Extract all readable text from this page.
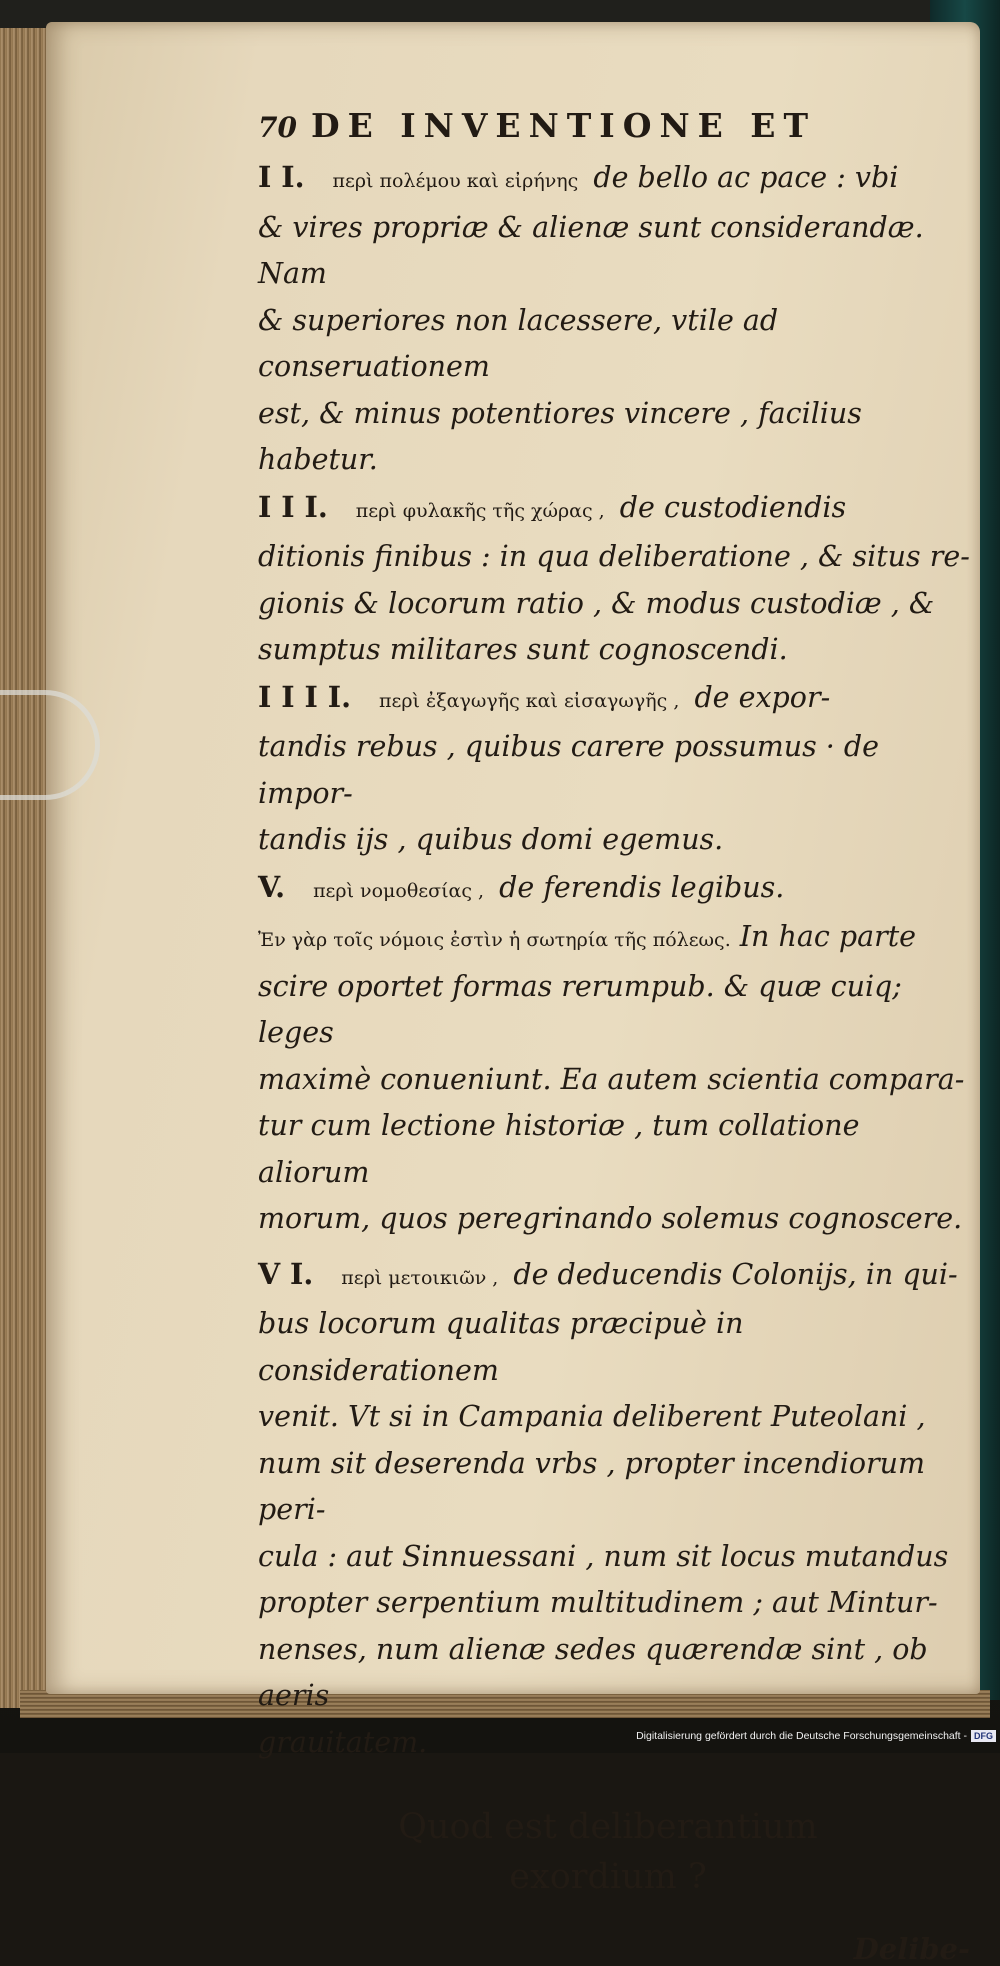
70 DE INVENTIONE ET
I I. περὶ πολέμου καὶ εἰρήνης de bello ac pace : vbi
& vires propriæ & alienæ sunt considerandæ. Nam
& superiores non lacessere, vtile ad conseruationem
est, & minus potentiores vincere , facilius habetur.
I I I. περὶ φυλακῆς τῆς χώρας , de custodiendis
ditionis finibus : in qua deliberatione , & situs re-
gionis & locorum ratio , & modus custodiæ , &
sumptus militares sunt cognoscendi.
I I I I. περὶ ἐξαγωγῆς καὶ εἰσαγωγῆς , de expor-
tandis rebus , quibus carere possumus · de impor-
tandis ijs , quibus domi egemus.
V. περὶ νομοθεσίας , de ferendis legibus.
Ἐν γὰρ τοῖς νόμοις ἐστὶν ἡ σωτηρία τῆς πόλεως. In hac parte
scire oportet formas rerumpub. & quæ cuiq; leges
maximè conueniunt. Ea autem scientia compara-
tur cum lectione historiæ , tum collatione aliorum
morum, quos peregrinando solemus cognoscere.
V I. περὶ μετοικιῶν , de deducendis Colonijs, in qui-
bus locorum qualitas præcipuè in considerationem
venit. Vt si in Campania deliberent Puteolani ,
num sit deserenda vrbs , propter incendiorum peri-
cula : aut Sinnuessani , num sit locus mutandus
propter serpentium multitudinem ; aut Mintur-
nenses, num alienæ sedes quærendæ sint , ob aeris
grauitatem.
Quod est deliberantium
exordium ?
Delibe-
Digitalisierung gefördert durch die Deutsche Forschungsgemeinschaft - DFG
